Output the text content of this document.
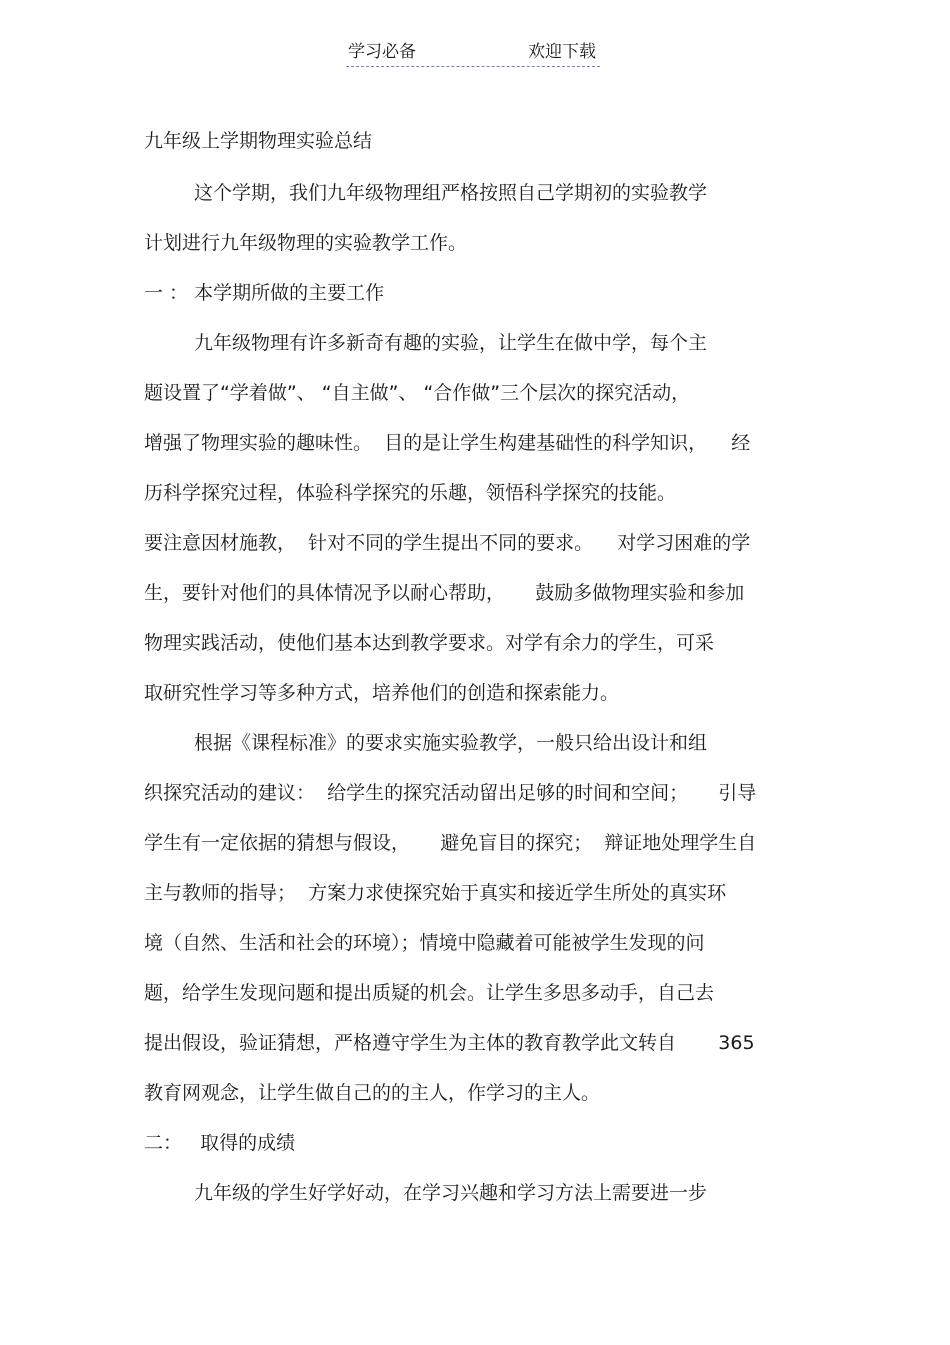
学习必备	欢迎下载
九年级上学期物理实验总结
这个学期，我们九年级物理组严格按照自己学期初的实验教学
计划进行九年级物理的实验教学工作。
一 ： 本学期所做的主要工作
九年级物理有许多新奇有趣的实验，让学生在做中学，每个主
题设置了“学着做”、 “自主做”、 “合作做”三个层次的探究活动，
增强了物理实验的趣味性。  目的是让学生构建基础性的科学知识，    经
历科学探究过程，体验科学探究的乐趣，领悟科学探究的技能。
要注意因材施教，  针对不同的学生提出不同的要求。    对学习困难的学
生，要针对他们的具体情况予以耐心帮助，     鼓励多做物理实验和参加
物理实践活动，使他们基本达到教学要求。对学有余力的学生，可采
取研究性学习等多种方式，培养他们的创造和探索能力。
根据《课程标准》的要求实施实验教学，一般只给出设计和组
织探究活动的建议：  给学生的探究活动留出足够的时间和空间；     引导
学生有一定依据的猜想与假设，     避免盲目的探究；  辩证地处理学生自
主与教师的指导；  方案力求使探究始于真实和接近学生所处的真实环
境（自然、生活和社会的环境）；情境中隐藏着可能被学生发现的问
题，给学生发现问题和提出质疑的机会。让学生多思多动手，自己去
提出假设，验证猜想，严格遵守学生为主体的教育教学此文转自       365
教育网观念，让学生做自己的的主人，作学习的主人。
二：   取得的成绩
九年级的学生好学好动，在学习兴趣和学习方法上需要进一步
